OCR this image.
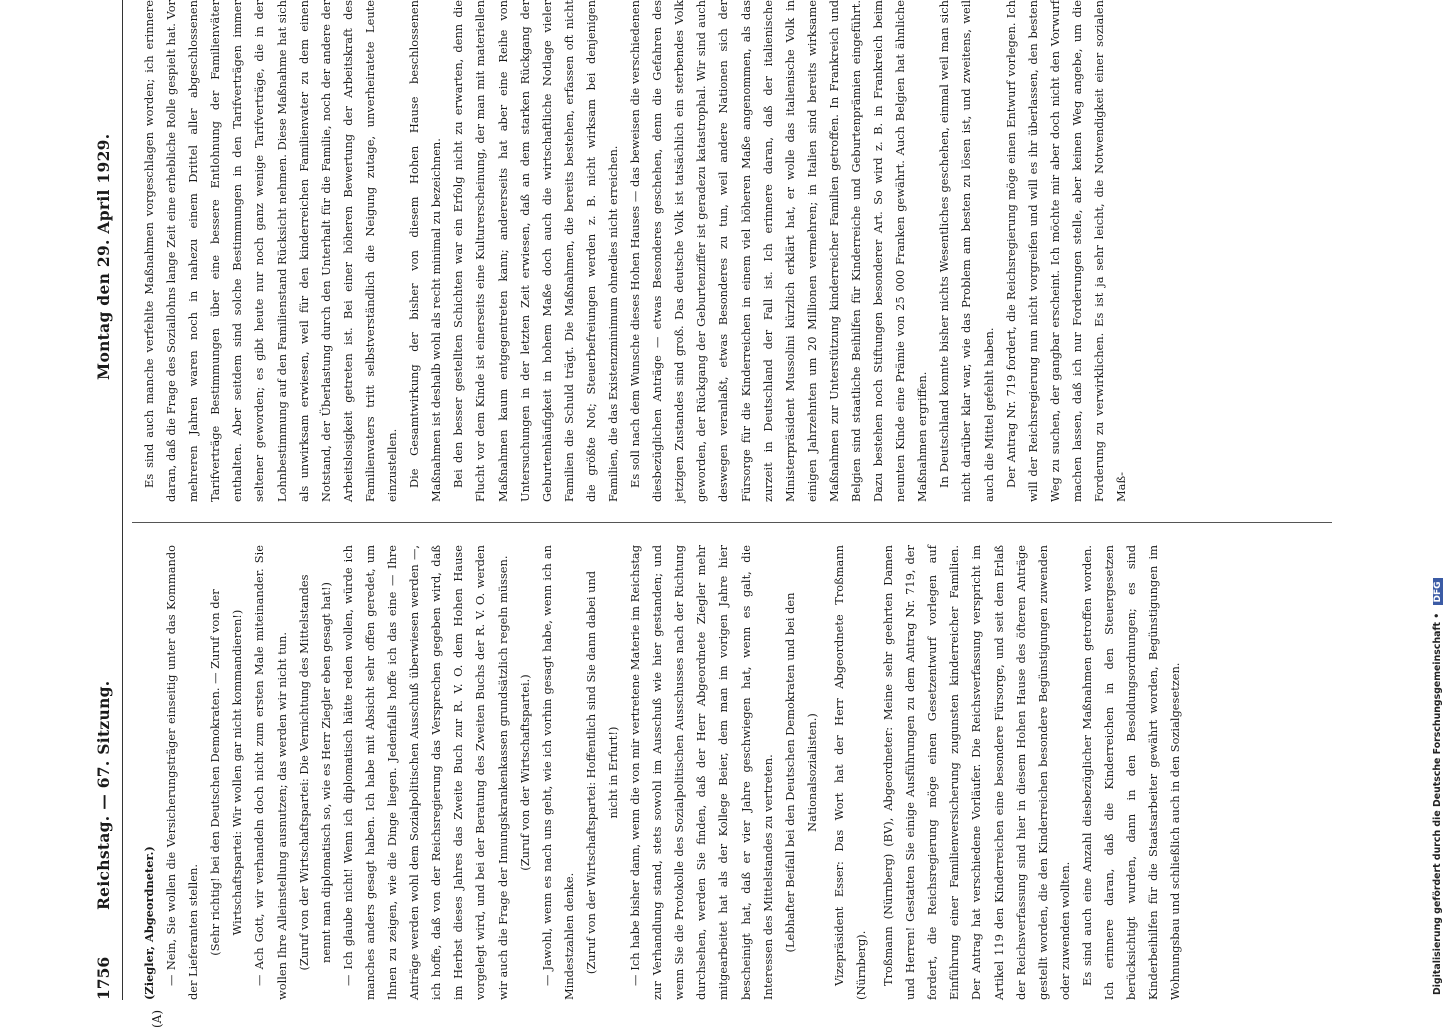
1756
Reichstag. — 67. Sitzung.
Montag den 29. April 1929.
(A)

(Ziegler, Abgeordneter.) — Nein, Sie wollen die Versicherungsträger einseitig unter das Kommando der Lieferanten stellen. (Sehr richtig! bei den Deutschen Demokraten. — Zuruf von der Wirtschaftspartei: Wir wollen gar nicht kommandieren!) — Ach Gott, wir verhandeln doch nicht zum ersten Male miteinander. Sie wollen Ihre Alleinstellung ausnutzen; das werden wir nicht tun. (Zuruf von der Wirtschaftspartei: Die Vernichtung des Mittelstandes nennt man diplomatisch so, wie es Herr Ziegler eben gesagt hat!) — Ich glaube nicht! Wenn ich diplomatisch hätte reden wollen, würde ich manches anders gesagt haben. Ich habe mit Absicht sehr offen geredet, um Ihnen zu zeigen, wie die Dinge liegen. Jedenfalls hoffe ich das eine — Ihre Anträge werden wohl dem Sozialpolitischen Ausschuß überwiesen werden —, ich hoffe, daß von der Reichsregierung das Versprechen gegeben wird, daß im Herbst dieses Jahres das Zweite Buch zur R. V. O. dem Hohen Hause vorgelegt wird, und bei der Beratung des Zweiten Buchs der R. V. O. werden wir auch die Frage der Innungskrankenkassen grundsätzlich regeln müssen. (Zuruf von der Wirtschaftspartei.) — Jawohl, wenn es nach uns geht, wie ich vorhin gesagt habe, wenn ich an Mindestzahlen denke. (Zuruf von der Wirtschaftspartei: Hoffentlich sind Sie dann dabei und nicht in Erfurt!) — Ich habe bisher dann, wenn die von mir vertretene Materie im Reichstag zur Verhandlung stand, stets sowohl im Ausschuß wie hier gestanden; und wenn Sie die Protokolle des Sozialpolitischen Ausschusses nach der Richtung durchsehen, werden Sie finden, daß der Herr Abgeordnete Ziegler mehr mitgearbeitet hat als der Kollege Beier, dem man im vorigen Jahre hier bescheinigt hat, daß er vier Jahre geschwiegen hat, wenn es galt, die Interessen des Mittelstandes zu vertreten. (Lebhafter Beifall bei den Deutschen Demokraten und bei den Nationalsozialisten.)	Vizepräsident Esser: Das Wort hat der Herr Abgeordnete Troßmann (Nürnberg).	Troßmann (Nürnberg) (BV), Abgeordneter: Meine sehr geehrten Damen und Herren! Gestatten Sie einige Ausführungen zu dem Antrag Nr. 719, der fordert, die Reichsregierung möge einen Gesetzentwurf vorlegen auf Einführung einer Familienversicherung zugunsten kinderreicher Familien. Der Antrag hat verschiedene Vorläufer. Die Reichsverfassung verspricht im Artikel 119 den Kinderreichen eine besondere Fürsorge, und seit dem Erlaß der Reichsverfassung sind hier in diesem Hohen Hause des öfteren Anträge gestellt worden, die den Kinderreichen besondere Begünstigungen zuwenden oder zuwenden wollten. Es sind auch eine Anzahl diesbezüglicher Maßnahmen getroffen worden. Ich erinnere daran, daß die Kinderreichen in den Steuergesetzen berücksichtigt wurden, dann in den Besoldungsordnungen; es sind Kinderbeihilfen für die Staatsarbeiter gewährt worden, Begünstigungen im Wohnungsbau und schließlich auch in den Sozialgesetzen.

Es sind auch manche verfehlte Maßnahmen vorgeschlagen worden; ich erinnere daran, daß die Frage des Soziallohns lange Zeit eine erhebliche Rolle gespielt hat. Vor mehreren Jahren waren noch in nahezu einem Drittel aller abgeschlossenen Tarifverträge Bestimmungen über eine bessere Entlohnung der Familienväter enthalten. Aber seitdem sind solche Bestimmungen in den Tarifverträgen immer seltener geworden; es gibt heute nur noch ganz wenige Tarifverträge, die in der Lohnbestimmung auf den Familienstand Rücksicht nehmen. Diese Maßnahme hat sich als unwirksam erwiesen, weil für den kinderreichen Familienvater zu dem einen Notstand, der Überlastung durch den Unterhalt für die Familie, noch der andere der Arbeitslosigkeit getreten ist. Bei einer höheren Bewertung der Arbeitskraft des Familienvaters tritt selbstverständlich die Neigung zutage, unverheiratete Leute einzustellen. Die Gesamtwirkung der bisher von diesem Hohen Hause beschlossenen Maßnahmen ist deshalb wohl als recht minimal zu bezeichnen. Bei den besser gestellten Schichten war ein Erfolg nicht zu erwarten, denn die Flucht vor dem Kinde ist einerseits eine Kulturerscheinung, der man mit materiellen Maßnahmen kaum entgegentreten kann; andererseits hat aber eine Reihe von Untersuchungen in der letzten Zeit erwiesen, daß an dem starken Rückgang der Geburtenhäufigkeit in hohem Maße doch auch die wirtschaftliche Notlage vieler Familien die Schuld trägt. Die Maßnahmen, die bereits bestehen, erfassen oft nicht die größte Not; Steuerbefreiungen werden z. B. nicht wirksam bei denjenigen Familien, die das Existenzminimum ohnedies nicht erreichen. Es soll nach dem Wunsche dieses Hohen Hauses — das beweisen die verschiedenen diesbezüglichen Anträge — etwas Besonderes geschehen, denn die Gefahren des jetzigen Zustandes sind groß. Das deutsche Volk ist tatsächlich ein sterbendes Volk geworden, der Rückgang der Geburtenziffer ist geradezu katastrophal. Wir sind auch deswegen veranlaßt, etwas Besonderes zu tun, weil andere Nationen sich der Fürsorge für die Kinderreichen in einem viel höheren Maße angenommen, als das zurzeit in Deutschland der Fall ist. Ich erinnere daran, daß der italienische Ministerpräsident Mussolini kürzlich erklärt hat, er wolle das italienische Volk in einigen Jahrzehnten um 20 Millionen vermehren; in Italien sind bereits wirksame Maßnahmen zur Unterstützung kinderreicher Familien getroffen. In Frankreich und Belgien sind staatliche Beihilfen für Kinderreiche und Geburtenprämien eingeführt. Dazu bestehen noch Stiftungen besonderer Art. So wird z. B. in Frankreich beim neunten Kinde eine Prämie von 25 000 Franken gewährt. Auch Belgien hat ähnliche Maßnahmen ergriffen. In Deutschland konnte bisher nichts Wesentliches geschehen, einmal weil man sich nicht darüber klar war, wie das Problem am besten zu lösen ist, und zweitens, weil auch die Mittel gefehlt haben. Der Antrag Nr. 719 fordert, die Reichsregierung möge einen Entwurf vorlegen. Ich will der Reichsregierung nun nicht vorgreifen und will es ihr überlassen, den besten Weg zu suchen, der gangbar erscheint. Ich möchte mir aber doch nicht den Vorwurf machen lassen, daß ich nur Forderungen stelle, aber keinen Weg angebe, um die Forderung zu verwirklichen. Es ist ja sehr leicht, die Notwendigkeit einer sozialen Maß-

Digitalisierung gefördert durch die Deutsche Forschungsgemeinschaft • DFG
